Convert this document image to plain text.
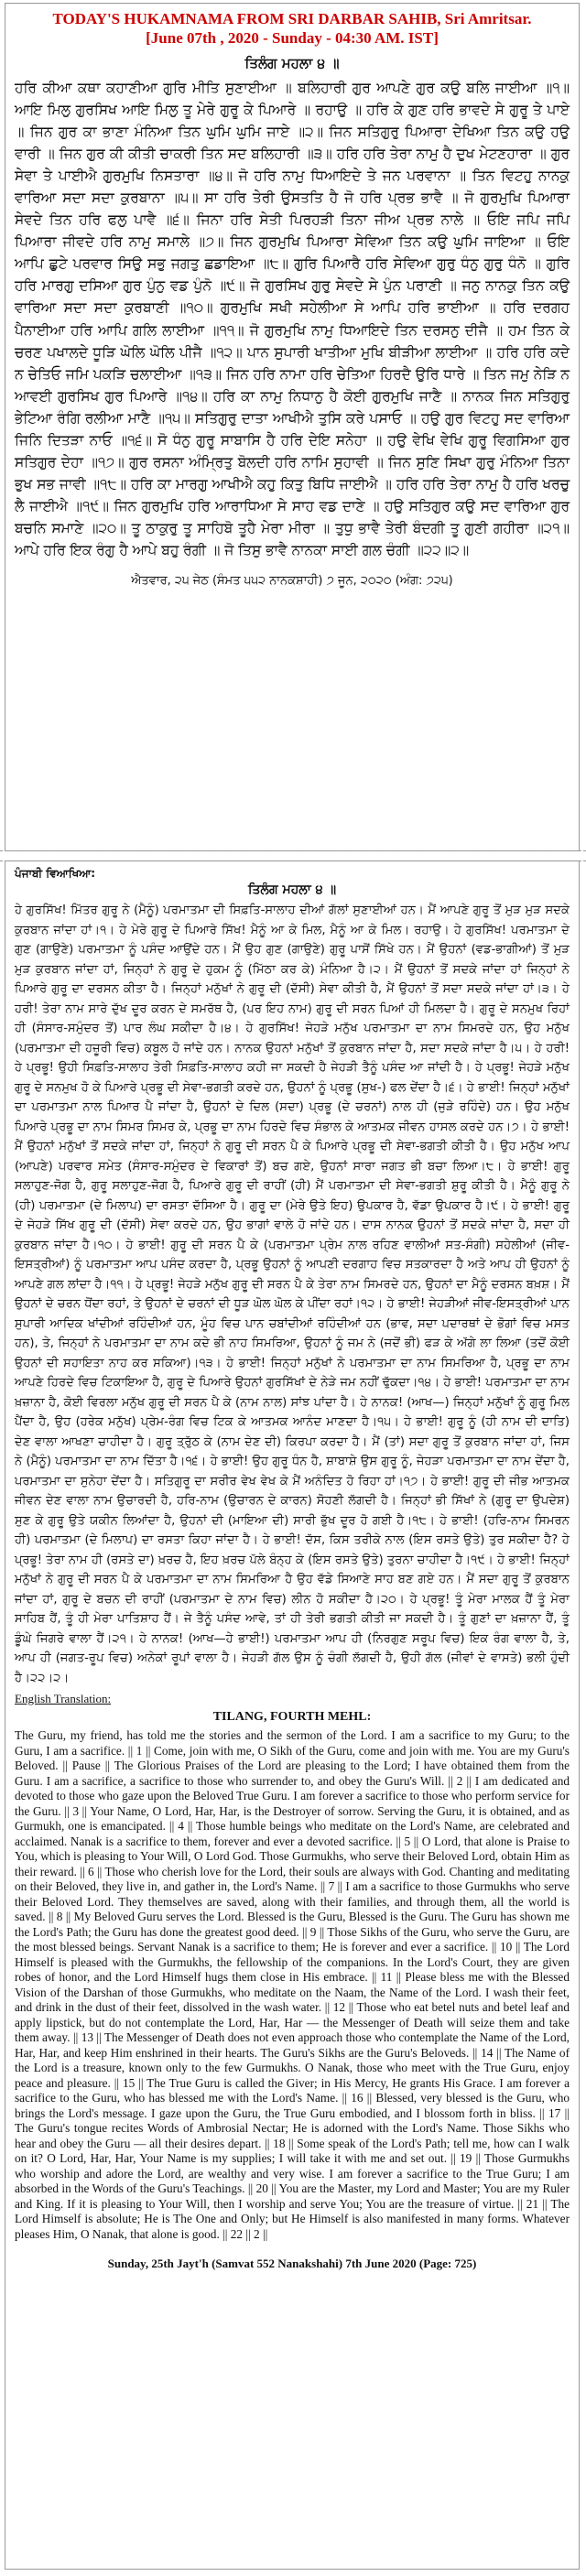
TODAY'S HUKAMNAMA FROM SRI DARBAR SAHIB, Sri Amritsar.
[June 07th , 2020 - Sunday - 04:30 AM. IST]
ਤਿਲੰਗ ਮਹਲਾ ੪ ॥
ਹਰਿ ਕੀਆ ਕਥਾ ਕਹਾਣੀਆ ਗੁਰਿ ਮੀਤਿ ਸੁਣਾਈਆ ॥ ਬਲਿਹਾਰੀ ਗੁਰ ਆਪਣੇ ਗੁਰ ਕਉ ਬਲਿ ਜਾਈਆ ॥੧॥ ਆਇ ਮਿਲੁ ਗੁਰਸਿਖ ਆਇ ਮਿਲੁ ਤੂ ਮੇਰੇ ਗੁਰੂ ਕੇ ਪਿਆਰੇ ॥ ਰਹਾਉ ॥ ਹਰਿ ਕੇ ਗੁਣ ਹਰਿ ਭਾਵਦੇ ਸੇ ਗੁਰੂ ਤੇ ਪਾਏ ॥ ਜਿਨ ਗੁਰ ਕਾ ਭਾਣਾ ਮੰਨਿਆ ਤਿਨ ਘੁਮਿ ਘੁਮਿ ਜਾਏ ॥੨॥ ਜਿਨ ਸਤਿਗੁਰੁ ਪਿਆਰਾ ਦੇਖਿਆ ਤਿਨ ਕਉ ਹਉ ਵਾਰੀ ॥ ਜਿਨ ਗੁਰ ਕੀ ਕੀਤੀ ਚਾਕਰੀ ਤਿਨ ਸਦ ਬਲਿਹਾਰੀ ॥੩॥ ਹਰਿ ਹਰਿ ਤੇਰਾ ਨਾਮੁ ਹੈ ਦੁਖ ਮੇਟਣਹਾਰਾ ॥ ਗੁਰ ਸੇਵਾ ਤੇ ਪਾਈਐ ਗੁਰਮੁਖਿ ਨਿਸਤਾਰਾ ॥੪॥ ਜੋ ਹਰਿ ਨਾਮੁ ਧਿਆਇਦੇ ਤੇ ਜਨ ਪਰਵਾਨਾ ॥ ਤਿਨ ਵਿਟਹੁ ਨਾਨਕੁ ਵਾਰਿਆ ਸਦਾ ਸਦਾ ਕੁਰਬਾਨਾ ॥੫॥ ਸਾ ਹਰਿ ਤੇਰੀ ਉਸਤਤਿ ਹੈ ਜੋ ਹਰਿ ਪ੍ਰਭ ਭਾਵੈ ॥ ਜੋ ਗੁਰਮੁਖਿ ਪਿਆਰਾ ਸੇਵਦੇ ਤਿਨ ਹਰਿ ਫਲੁ ਪਾਵੈ ॥੬॥ ਜਿਨਾ ਹਰਿ ਸੇਤੀ ਪਿਰਹੜੀ ਤਿਨਾ ਜੀਅ ਪ੍ਰਭ ਨਾਲੇ ॥ ਓਇ ਜਪਿ ਜਪਿ ਪਿਆਰਾ ਜੀਵਦੇ ਹਰਿ ਨਾਮੁ ਸਮਾਲੇ ॥੭॥ ਜਿਨ ਗੁਰਮੁਖਿ ਪਿਆਰਾ ਸੇਵਿਆ ਤਿਨ ਕਉ ਘੁਮਿ ਜਾਇਆ ॥ ਓਇ ਆਪਿ ਛੁਟੇ ਪਰਵਾਰ ਸਿਉ ਸਭੁ ਜਗਤੁ ਛਡਾਇਆ ॥੮॥ ਗੁਰਿ ਪਿਆਰੈ ਹਰਿ ਸੇਵਿਆ ਗੁਰੁ ਧੰਨੁ ਗੁਰੁ ਧੰਨੋ ॥ ਗੁਰਿ ਹਰਿ ਮਾਰਗੁ ਦਸਿਆ ਗੁਰ ਪੁੰਨੁ ਵਡ ਪੁੰਨੋ ॥੯॥ ਜੋ ਗੁਰਸਿਖ ਗੁਰੁ ਸੇਵਦੇ ਸੇ ਪੁੰਨ ਪਰਾਣੀ ॥ ਜਨੁ ਨਾਨਕੁ ਤਿਨ ਕਉ ਵਾਰਿਆ ਸਦਾ ਸਦਾ ਕੁਰਬਾਣੀ ॥੧੦॥ ਗੁਰਮੁਖਿ ਸਖੀ ਸਹੇਲੀਆ ਸੇ ਆਪਿ ਹਰਿ ਭਾਈਆ ॥ ਹਰਿ ਦਰਗਹ ਪੈਨਾਈਆ ਹਰਿ ਆਪਿ ਗਲਿ ਲਾਈਆ ॥੧੧॥ ਜੋ ਗੁਰਮੁਖਿ ਨਾਮੁ ਧਿਆਇਦੇ ਤਿਨ ਦਰਸਨੁ ਦੀਜੈ ॥ ਹਮ ਤਿਨ ਕੇ ਚਰਣ ਪਖਾਲਦੇ ਧੂੜਿ ਘੋਲਿ ਘੋਲਿ ਪੀਜੈ ॥੧੨॥ ਪਾਨ ਸੁਪਾਰੀ ਖਾਤੀਆ ਮੁਖਿ ਬੀੜੀਆ ਲਾਈਆ ॥ ਹਰਿ ਹਰਿ ਕਦੇ ਨ ਚੇਤਿਓ ਜਮਿ ਪਕੜਿ ਚਲਾਈਆ ॥੧੩॥ ਜਿਨ ਹਰਿ ਨਾਮਾ ਹਰਿ ਚੇਤਿਆ ਹਿਰਦੈ ਉਰਿ ਧਾਰੇ ॥ ਤਿਨ ਜਮੁ ਨੇੜਿ ਨ ਆਵਈ ਗੁਰਸਿਖ ਗੁਰ ਪਿਆਰੇ ॥੧੪॥ ਹਰਿ ਕਾ ਨਾਮੁ ਨਿਧਾਨੁ ਹੈ ਕੋਈ ਗੁਰਮੁਖਿ ਜਾਣੈ ॥ ਨਾਨਕ ਜਿਨ ਸਤਿਗੁਰੁ ਭੇਟਿਆ ਰੰਗਿ ਰਲੀਆ ਮਾਣੈ ॥੧੫॥ ਸਤਿਗੁਰੁ ਦਾਤਾ ਆਖੀਐ ਤੁਸਿ ਕਰੇ ਪਸਾਓ ॥ ਹਉ ਗੁਰ ਵਿਟਹੁ ਸਦ ਵਾਰਿਆ ਜਿਨਿ ਦਿਤੜਾ ਨਾਓ ॥੧੬॥ ਸੋ ਧੰਨੁ ਗੁਰੂ ਸਾਬਾਸਿ ਹੈ ਹਰਿ ਦੇਇ ਸਨੇਹਾ ॥ ਹਉ ਵੇਖਿ ਵੇਖਿ ਗੁਰੂ ਵਿਗਸਿਆ ਗੁਰ ਸਤਿਗੁਰ ਦੇਹਾ ॥੧੭॥ ਗੁਰ ਰਸਨਾ ਅੰਮ੍ਰਿਤੁ ਬੋਲਦੀ ਹਰਿ ਨਾਮਿ ਸੁਹਾਵੀ ॥ ਜਿਨ ਸੁਣਿ ਸਿਖਾ ਗੁਰੁ ਮੰਨਿਆ ਤਿਨਾ ਭੁਖ ਸਭ ਜਾਵੀ ॥੧੮॥ ਹਰਿ ਕਾ ਮਾਰਗੁ ਆਖੀਐ ਕਹੁ ਕਿਤੁ ਬਿਧਿ ਜਾਈਐ ॥ ਹਰਿ ਹਰਿ ਤੇਰਾ ਨਾਮੁ ਹੈ ਹਰਿ ਖਰਚੁ ਲੈ ਜਾਈਐ ॥੧੯॥ ਜਿਨ ਗੁਰਮੁਖਿ ਹਰਿ ਆਰਾਧਿਆ ਸੇ ਸਾਹ ਵਡ ਦਾਣੇ ॥ ਹਉ ਸਤਿਗੁਰ ਕਉ ਸਦ ਵਾਰਿਆ ਗੁਰ ਬਚਨਿ ਸਮਾਣੇ ॥੨੦॥ ਤੂ ਠਾਕੁਰੁ ਤੂ ਸਾਹਿਬੋ ਤੂਹੈ ਮੇਰਾ ਮੀਰਾ ॥ ਤੁਧੁ ਭਾਵੈ ਤੇਰੀ ਬੰਦਗੀ ਤੂ ਗੁਣੀ ਗਹੀਰਾ ॥੨੧॥ ਆਪੇ ਹਰਿ ਇਕ ਰੰਗੁ ਹੈ ਆਪੇ ਬਹੁ ਰੰਗੀ ॥ ਜੋ ਤਿਸੁ ਭਾਵੈ ਨਾਨਕਾ ਸਾਈ ਗਲ ਚੰਗੀ ॥੨੨॥੨॥
ਐਤਵਾਰ, ੨੫ ਜੇਠ (ਸੰਮਤ ੫੫੨ ਨਾਨਕਸ਼ਾਹੀ) ੭ ਜੂਨ, ੨੦੨੦ (ਅੰਗ: ੭੨੫)
ਪੰਜਾਬੀ ਵਿਆਖਿਆ:
ਤਿਲੰਗ ਮਹਲਾ ੪ ॥
ਹੇ ਗੁਰਸਿੱਖ! ਮਿੱਤਰ ਗੁਰੂ ਨੇ (ਮੈਨੂੰ) ਪਰਮਾਤਮਾ ਦੀ ਸਿਫ਼ਤਿ-ਸਾਲਾਹ ਦੀਆਂ ਗੱਲਾਂ ਸੁਣਾਈਆਂ ਹਨ। ਮੈਂ ਆਪਣੇ ਗੁਰੂ ਤੋਂ ਮੁੜ ਮੁੜ ਸਦਕੇ ਕੁਰਬਾਨ ਜਾਂਦਾ ਹਾਂ।੧। ਹੇ ਮੇਰੇ ਗੁਰੂ ਦੇ ਪਿਆਰੇ ਸਿੱਖ! ਮੈਨੂੰ ਆ ਕੇ ਮਿਲ, ਮੈਨੂੰ ਆ ਕੇ ਮਿਲ। ਰਹਾਉ। ਹੇ ਗੁਰਸਿੱਖ! ਪਰਮਾਤਮਾ ਦੇ ਗੁਣ (ਗਾਉਣੇ) ਪਰਮਾਤਮਾ ਨੂੰ ਪਸੰਦ ਆਉਂਦੇ ਹਨ। ਮੈਂ ਉਹ ਗੁਣ (ਗਾਉਣੇ) ਗੁਰੂ ਪਾਸੋਂ ਸਿੱਖੇ ਹਨ। ਮੈਂ ਉਹਨਾਂ (ਵਡ-ਭਾਗੀਆਂ) ਤੋਂ ਮੁੜ ਮੁੜ ਕੁਰਬਾਨ ਜਾਂਦਾ ਹਾਂ, ਜਿਨ੍ਹਾਂ ਨੇ ਗੁਰੂ ਦੇ ਹੁਕਮ ਨੂੰ (ਮਿੱਠਾ ਕਰ ਕੇ) ਮੰਨਿਆ ਹੈ।੨। ਮੈਂ ਉਹਨਾਂ ਤੋਂ ਸਦਕੇ ਜਾਂਦਾ ਹਾਂ ਜਿਨ੍ਹਾਂ ਨੇ ਪਿਆਰੇ ਗੁਰੂ ਦਾ ਦਰਸਨ ਕੀਤਾ ਹੈ। ਜਿਨ੍ਹਾਂ ਮਨੁੱਖਾਂ ਨੇ ਗੁਰੂ ਦੀ (ਦੱਸੀ) ਸੇਵਾ ਕੀਤੀ ਹੈ, ਮੈਂ ਉਹਨਾਂ ਤੋਂ ਸਦਾ ਸਦਕੇ ਜਾਂਦਾ ਹਾਂ।੩। ਹੇ ਹਰੀ! ਤੇਰਾ ਨਾਮ ਸਾਰੇ ਦੁੱਖ ਦੂਰ ਕਰਨ ਦੇ ਸਮਰੱਥ ਹੈ, (ਪਰ ਇਹ ਨਾਮ) ਗੁਰੂ ਦੀ ਸਰਨ ਪਿਆਂ ਹੀ ਮਿਲਦਾ ਹੈ। ਗੁਰੂ ਦੇ ਸਨਮੁਖ ਰਿਹਾਂ ਹੀ (ਸੰਸਾਰ-ਸਮੁੰਦਰ ਤੋਂ) ਪਾਰ ਲੰਘ ਸਕੀਦਾ ਹੈ।੪। ਹੇ ਗੁਰਸਿੱਖ! ਜੇਹੜੇ ਮਨੁੱਖ ਪਰਮਾਤਮਾ ਦਾ ਨਾਮ ਸਿਮਰਦੇ ਹਨ, ਉਹ ਮਨੁੱਖ (ਪਰਮਾਤਮਾ ਦੀ ਹਜ਼ੂਰੀ ਵਿਚ) ਕਬੂਲ ਹੋ ਜਾਂਦੇ ਹਨ। ਨਾਨਕ ਉਹਨਾਂ ਮਨੁੱਖਾਂ ਤੋਂ ਕੁਰਬਾਨ ਜਾਂਦਾ ਹੈ, ਸਦਾ ਸਦਕੇ ਜਾਂਦਾ ਹੈ।੫। ਹੇ ਹਰੀ! ਹੇ ਪ੍ਰਭੂ! ਉਹੀ ਸਿਫ਼ਤਿ-ਸਾਲਾਹ ਤੇਰੀ ਸਿਫ਼ਤਿ-ਸਾਲਾਹ ਕਹੀ ਜਾ ਸਕਦੀ ਹੈ ਜੇਹੜੀ ਤੈਨੂੰ ਪਸੰਦ ਆ ਜਾਂਦੀ ਹੈ। ਹੇ ਪ੍ਰਭੂ! ਜੇਹੜੇ ਮਨੁੱਖ ਗੁਰੂ ਦੇ ਸਨਮੁਖ ਹੋ ਕੇ ਪਿਆਰੇ ਪ੍ਰਭੂ ਦੀ ਸੇਵਾ-ਭਗਤੀ ਕਰਦੇ ਹਨ, ਉਹਨਾਂ ਨੂੰ ਪ੍ਰਭੂ (ਸੁਖ-) ਫਲ ਦੇਂਦਾ ਹੈ।੬। ਹੇ ਭਾਈ! ਜਿਨ੍ਹਾਂ ਮਨੁੱਖਾਂ ਦਾ ਪਰਮਾਤਮਾ ਨਾਲ ਪਿਆਰ ਪੈ ਜਾਂਦਾ ਹੈ, ਉਹਨਾਂ ਦੇ ਦਿਲ (ਸਦਾ) ਪ੍ਰਭੂ (ਦੇ ਚਰਨਾਂ) ਨਾਲ ਹੀ (ਜੁੜੇ ਰਹਿੰਦੇ) ਹਨ। ਉਹ ਮਨੁੱਖ ਪਿਆਰੇ ਪ੍ਰਭੂ ਦਾ ਨਾਮ ਸਿਮਰ ਸਿਮਰ ਕੇ, ਪ੍ਰਭੂ ਦਾ ਨਾਮ ਹਿਰਦੇ ਵਿਚ ਸੰਭਾਲ ਕੇ ਆਤਮਕ ਜੀਵਨ ਹਾਸਲ ਕਰਦੇ ਹਨ।੭। ਹੇ ਭਾਈ! ਮੈਂ ਉਹਨਾਂ ਮਨੁੱਖਾਂ ਤੋਂ ਸਦਕੇ ਜਾਂਦਾ ਹਾਂ, ਜਿਨ੍ਹਾਂ ਨੇ ਗੁਰੂ ਦੀ ਸਰਨ ਪੈ ਕੇ ਪਿਆਰੇ ਪ੍ਰਭੂ ਦੀ ਸੇਵਾ-ਭਗਤੀ ਕੀਤੀ ਹੈ। ਉਹ ਮਨੁੱਖ ਆਪ (ਆਪਣੇ) ਪਰਵਾਰ ਸਮੇਤ (ਸੰਸਾਰ-ਸਮੁੰਦਰ ਦੇ ਵਿਕਾਰਾਂ ਤੋਂ) ਬਚ ਗਏ, ਉਹਨਾਂ ਸਾਰਾ ਜਗਤ ਭੀ ਬਚਾ ਲਿਆ।੮। ਹੇ ਭਾਈ! ਗੁਰੂ ਸਲਾਹੁਣ-ਜੋਗ ਹੈ, ਗੁਰੂ ਸਲਾਹੁਣ-ਜੋਗ ਹੈ, ਪਿਆਰੇ ਗੁਰੂ ਦੀ ਰਾਹੀਂ (ਹੀ) ਮੈਂ ਪਰਮਾਤਮਾ ਦੀ ਸੇਵਾ-ਭਗਤੀ ਸ਼ੁਰੂ ਕੀਤੀ ਹੈ। ਮੈਨੂੰ ਗੁਰੂ ਨੇ (ਹੀ) ਪਰਮਾਤਮਾ (ਦੇ ਮਿਲਾਪ) ਦਾ ਰਸਤਾ ਦੱਸਿਆ ਹੈ। ਗੁਰੂ ਦਾ (ਮੇਰੇ ਉਤੇ ਇਹ) ਉਪਕਾਰ ਹੈ, ਵੱਡਾ ਉਪਕਾਰ ਹੈ।੯। ਹੇ ਭਾਈ! ਗੁਰੂ ਦੇ ਜੇਹੜੇ ਸਿੱਖ ਗੁਰੂ ਦੀ (ਦੱਸੀ) ਸੇਵਾ ਕਰਦੇ ਹਨ, ਉਹ ਭਾਗਾਂ ਵਾਲੇ ਹੋ ਜਾਂਦੇ ਹਨ। ਦਾਸ ਨਾਨਕ ਉਹਨਾਂ ਤੋਂ ਸਦਕੇ ਜਾਂਦਾ ਹੈ, ਸਦਾ ਹੀ ਕੁਰਬਾਨ ਜਾਂਦਾ ਹੈ।੧੦। ਹੇ ਭਾਈ! ਗੁਰੂ ਦੀ ਸਰਨ ਪੈ ਕੇ (ਪਰਮਾਤਮਾ ਪ੍ਰੇਮ ਨਾਲ ਰਹਿਣ ਵਾਲੀਆਂ ਸਤ-ਸੰਗੀ) ਸਹੇਲੀਆਂ (ਜੀਵ-ਇਸਤ੍ਰੀਆਂ) ਨੂੰ ਪਰਮਾਤਮਾ ਆਪ ਪਸੰਦ ਕਰਦਾ ਹੈ, ਪ੍ਰਭੂ ਉਹਨਾਂ ਨੂੰ ਆਪਣੀ ਦਰਗਾਹ ਵਿਚ ਸਤਕਾਰਦਾ ਹੈ ਅਤੇ ਆਪ ਹੀ ਉਹਨਾਂ ਨੂੰ ਆਪਣੇ ਗਲ ਲਾਂਦਾ ਹੈ।੧੧। ਹੇ ਪ੍ਰਭੂ! ਜੇਹੜੇ ਮਨੁੱਖ ਗੁਰੂ ਦੀ ਸਰਨ ਪੈ ਕੇ ਤੇਰਾ ਨਾਮ ਸਿਮਰਦੇ ਹਨ, ਉਹਨਾਂ ਦਾ ਮੈਨੂੰ ਦਰਸਨ ਬਖ਼ਸ਼। ਮੈਂ ਉਹਨਾਂ ਦੇ ਚਰਨ ਧੋਂਦਾ ਰਹਾਂ, ਤੇ ਉਹਨਾਂ ਦੇ ਚਰਨਾਂ ਦੀ ਧੂੜ ਘੋਲ ਘੋਲ ਕੇ ਪੀਂਦਾ ਰਹਾਂ।੧੨। ਹੇ ਭਾਈ! ਜੇਹੜੀਆਂ ਜੀਵ-ਇਸਤ੍ਰੀਆਂ ਪਾਨ ਸੁਪਾਰੀ ਆਦਿਕ ਖਾਂਦੀਆਂ ਰਹਿੰਦੀਆਂ ਹਨ, ਮੂੰਹ ਵਿਚ ਪਾਨ ਚਬਾਂਦੀਆਂ ਰਹਿੰਦੀਆਂ ਹਨ (ਭਾਵ, ਸਦਾ ਪਦਾਰਥਾਂ ਦੇ ਭੋਗਾਂ ਵਿਚ ਮਸਤ ਹਨ), ਤੇ, ਜਿਨ੍ਹਾਂ ਨੇ ਪਰਮਾਤਮਾ ਦਾ ਨਾਮ ਕਦੇ ਭੀ ਨਾਹ ਸਿਮਰਿਆ, ਉਹਨਾਂ ਨੂੰ ਜਮ ਨੇ (ਜਦੋਂ ਭੀ) ਫੜ ਕੇ ਅੱਗੇ ਲਾ ਲਿਆ (ਤਦੋਂ ਕੋਈ ਉਹਨਾਂ ਦੀ ਸਹਾਇਤਾ ਨਾਹ ਕਰ ਸਕਿਆ)।੧੩। ਹੇ ਭਾਈ! ਜਿਨ੍ਹਾਂ ਮਨੁੱਖਾਂ ਨੇ ਪਰਮਾਤਮਾ ਦਾ ਨਾਮ ਸਿਮਰਿਆ ਹੈ, ਪ੍ਰਭੂ ਦਾ ਨਾਮ ਆਪਣੇ ਹਿਰਦੇ ਵਿਚ ਟਿਕਾਇਆ ਹੈ, ਗੁਰੂ ਦੇ ਪਿਆਰੇ ਉਹਨਾਂ ਗੁਰਸਿੱਖਾਂ ਦੇ ਨੇੜੇ ਜਮ ਨਹੀਂ ਢੁੱਕਦਾ।੧੪। ਹੇ ਭਾਈ! ਪਰਮਾਤਮਾ ਦਾ ਨਾਮ ਖ਼ਜ਼ਾਨਾ ਹੈ, ਕੋਈ ਵਿਰਲਾ ਮਨੁੱਖ ਗੁਰੂ ਦੀ ਸਰਨ ਪੈ ਕੇ (ਨਾਮ ਨਾਲ) ਸਾਂਝ ਪਾਂਦਾ ਹੈ। ਹੇ ਨਾਨਕ! (ਆਖ—) ਜਿਨ੍ਹਾਂ ਮਨੁੱਖਾਂ ਨੂੰ ਗੁਰੂ ਮਿਲ ਪੈਂਦਾ ਹੈ, ਉਹ (ਹਰੇਕ ਮਨੁੱਖ) ਪ੍ਰੇਮ-ਰੰਗ ਵਿਚ ਟਿਕ ਕੇ ਆਤਮਕ ਆਨੰਦ ਮਾਣਦਾ ਹੈ।੧੫। ਹੇ ਭਾਈ! ਗੁਰੂ ਨੂੰ (ਹੀ ਨਾਮ ਦੀ ਦਾਤਿ) ਦੇਣ ਵਾਲਾ ਆਖਣਾ ਚਾਹੀਦਾ ਹੈ। ਗੁਰੂ ਤ੍ਰੁੱਠ ਕੇ (ਨਾਮ ਦੇਣ ਦੀ) ਕਿਰਪਾ ਕਰਦਾ ਹੈ। ਮੈਂ (ਤਾਂ) ਸਦਾ ਗੁਰੂ ਤੋਂ ਕੁਰਬਾਨ ਜਾਂਦਾ ਹਾਂ, ਜਿਸ ਨੇ (ਮੈਨੂੰ) ਪਰਮਾਤਮਾ ਦਾ ਨਾਮ ਦਿੱਤਾ ਹੈ।੧੬। ਹੇ ਭਾਈ! ਉਹ ਗੁਰੂ ਧੰਨ ਹੈ, ਸ਼ਾਬਾਸ਼ੇ ਉਸ ਗੁਰੂ ਨੂੰ, ਜੇਹੜਾ ਪਰਮਾਤਮਾ ਦਾ ਨਾਮ ਦੇਂਦਾ ਹੈ, ਪਰਮਾਤਮਾ ਦਾ ਸੁਨੇਹਾ ਦੇਂਦਾ ਹੈ। ਸਤਿਗੁਰੂ ਦਾ ਸਰੀਰ ਵੇਖ ਵੇਖ ਕੇ ਮੈਂ ਅਨੰਦਿਤ ਹੋ ਰਿਹਾ ਹਾਂ।੧੭। ਹੇ ਭਾਈ! ਗੁਰੂ ਦੀ ਜੀਭ ਆਤਮਕ ਜੀਵਨ ਦੇਣ ਵਾਲਾ ਨਾਮ ਉਚਾਰਦੀ ਹੈ, ਹਰਿ-ਨਾਮ (ਉਚਾਰਨ ਦੇ ਕਾਰਨ) ਸੋਹਣੀ ਲੱਗਦੀ ਹੈ। ਜਿਨ੍ਹਾਂ ਭੀ ਸਿੱਖਾਂ ਨੇ (ਗੁਰੂ ਦਾ ਉਪਦੇਸ਼) ਸੁਣ ਕੇ ਗੁਰੂ ਉਤੇ ਯਕੀਨ ਲਿਆਂਦਾ ਹੈ, ਉਹਨਾਂ ਦੀ (ਮਾਇਆ ਦੀ) ਸਾਰੀ ਭੁੱਖ ਦੂਰ ਹੋ ਗਈ ਹੈ।੧੮। ਹੇ ਭਾਈ! (ਹਰਿ-ਨਾਮ ਸਿਮਰਨ ਹੀ) ਪਰਮਾਤਮਾ (ਦੇ ਮਿਲਾਪ) ਦਾ ਰਸਤਾ ਕਿਹਾ ਜਾਂਦਾ ਹੈ। ਹੇ ਭਾਈ! ਦੱਸ, ਕਿਸ ਤਰੀਕੇ ਨਾਲ (ਇਸ ਰਸਤੇ ਉਤੇ) ਤੁਰ ਸਕੀਦਾ ਹੈ? ਹੇ ਪ੍ਰਭੂ! ਤੇਰਾ ਨਾਮ ਹੀ (ਰਸਤੇ ਦਾ) ਖ਼ਰਚ ਹੈ, ਇਹ ਖ਼ਰਚ ਪੱਲੇ ਬੰਨ੍ਹ ਕੇ (ਇਸ ਰਸਤੇ ਉਤੇ) ਤੁਰਨਾ ਚਾਹੀਦਾ ਹੈ।੧੯। ਹੇ ਭਾਈ! ਜਿਨ੍ਹਾਂ ਮਨੁੱਖਾਂ ਨੇ ਗੁਰੂ ਦੀ ਸਰਨ ਪੈ ਕੇ ਪਰਮਾਤਮਾ ਦਾ ਨਾਮ ਸਿਮਰਿਆ ਹੈ ਉਹ ਵੱਡੇ ਸਿਆਣੇ ਸਾਹ ਬਣ ਗਏ ਹਨ। ਮੈਂ ਸਦਾ ਗੁਰੂ ਤੋਂ ਕੁਰਬਾਨ ਜਾਂਦਾ ਹਾਂ, ਗੁਰੂ ਦੇ ਬਚਨ ਦੀ ਰਾਹੀਂ (ਪਰਮਾਤਮਾ ਦੇ ਨਾਮ ਵਿਚ) ਲੀਨ ਹੋ ਸਕੀਦਾ ਹੈ।੨੦। ਹੇ ਪ੍ਰਭੂ! ਤੂੰ ਮੇਰਾ ਮਾਲਕ ਹੈਂ ਤੂੰ ਮੇਰਾ ਸਾਹਿਬ ਹੈਂ, ਤੂੰ ਹੀ ਮੇਰਾ ਪਾਤਿਸ਼ਾਹ ਹੈਂ। ਜੇ ਤੈਨੂੰ ਪਸੰਦ ਆਵੇ, ਤਾਂ ਹੀ ਤੇਰੀ ਭਗਤੀ ਕੀਤੀ ਜਾ ਸਕਦੀ ਹੈ। ਤੂੰ ਗੁਣਾਂ ਦਾ ਖ਼ਜ਼ਾਨਾ ਹੈਂ, ਤੂੰ ਡੂੰਘੇ ਜਿਗਰੇ ਵਾਲਾ ਹੈਂ।੨੧। ਹੇ ਨਾਨਕ! (ਆਖ—ਹੇ ਭਾਈ!) ਪਰਮਾਤਮਾ ਆਪ ਹੀ (ਨਿਰਗੁਣ ਸਰੂਪ ਵਿਚ) ਇਕ ਰੰਗ ਵਾਲਾ ਹੈ, ਤੇ, ਆਪ ਹੀ (ਜਗਤ-ਰੂਪ ਵਿਚ) ਅਨੇਕਾਂ ਰੂਪਾਂ ਵਾਲਾ ਹੈ। ਜੇਹੜੀ ਗੱਲ ਉਸ ਨੂੰ ਚੰਗੀ ਲੱਗਦੀ ਹੈ, ਉਹੀ ਗੱਲ (ਜੀਵਾਂ ਦੇ ਵਾਸਤੇ) ਭਲੀ ਹੁੰਦੀ ਹੈ।੨੨।੨।
English Translation:
TILANG, FOURTH MEHL:
The Guru, my friend, has told me the stories and the sermon of the Lord. I am a sacrifice to my Guru; to the Guru, I am a sacrifice. || 1 || Come, join with me, O Sikh of the Guru, come and join with me. You are my Guru's Beloved. || Pause || The Glorious Praises of the Lord are pleasing to the Lord; I have obtained them from the Guru. I am a sacrifice, a sacrifice to those who surrender to, and obey the Guru's Will. || 2 || I am dedicated and devoted to those who gaze upon the Beloved True Guru. I am forever a sacrifice to those who perform service for the Guru. || 3 || Your Name, O Lord, Har, Har, is the Destroyer of sorrow. Serving the Guru, it is obtained, and as Gurmukh, one is emancipated. || 4 || Those humble beings who meditate on the Lord's Name, are celebrated and acclaimed. Nanak is a sacrifice to them, forever and ever a devoted sacrifice. || 5 || O Lord, that alone is Praise to You, which is pleasing to Your Will, O Lord God. Those Gurmukhs, who serve their Beloved Lord, obtain Him as their reward. || 6 || Those who cherish love for the Lord, their souls are always with God. Chanting and meditating on their Beloved, they live in, and gather in, the Lord's Name. || 7 || I am a sacrifice to those Gurmukhs who serve their Beloved Lord. They themselves are saved, along with their families, and through them, all the world is saved. || 8 || My Beloved Guru serves the Lord. Blessed is the Guru, Blessed is the Guru. The Guru has shown me the Lord's Path; the Guru has done the greatest good deed. || 9 || Those Sikhs of the Guru, who serve the Guru, are the most blessed beings. Servant Nanak is a sacrifice to them; He is forever and ever a sacrifice. || 10 || The Lord Himself is pleased with the Gurmukhs, the fellowship of the companions. In the Lord's Court, they are given robes of honor, and the Lord Himself hugs them close in His embrace. || 11 || Please bless me with the Blessed Vision of the Darshan of those Gurmukhs, who meditate on the Naam, the Name of the Lord. I wash their feet, and drink in the dust of their feet, dissolved in the wash water. || 12 || Those who eat betel nuts and betel leaf and apply lipstick, but do not contemplate the Lord, Har, Har — the Messenger of Death will seize them and take them away. || 13 || The Messenger of Death does not even approach those who contemplate the Name of the Lord, Har, Har, and keep Him enshrined in their hearts. The Guru's Sikhs are the Guru's Beloveds. || 14 || The Name of the Lord is a treasure, known only to the few Gurmukhs. O Nanak, those who meet with the True Guru, enjoy peace and pleasure. || 15 || The True Guru is called the Giver; in His Mercy, He grants His Grace. I am forever a sacrifice to the Guru, who has blessed me with the Lord's Name. || 16 || Blessed, very blessed is the Guru, who brings the Lord's message. I gaze upon the Guru, the True Guru embodied, and I blossom forth in bliss. || 17 || The Guru's tongue recites Words of Ambrosial Nectar; He is adorned with the Lord's Name. Those Sikhs who hear and obey the Guru — all their desires depart. || 18 || Some speak of the Lord's Path; tell me, how can I walk on it? O Lord, Har, Har, Your Name is my supplies; I will take it with me and set out. || 19 || Those Gurmukhs who worship and adore the Lord, are wealthy and very wise. I am forever a sacrifice to the True Guru; I am absorbed in the Words of the Guru's Teachings. || 20 || You are the Master, my Lord and Master; You are my Ruler and King. If it is pleasing to Your Will, then I worship and serve You; You are the treasure of virtue. || 21 || The Lord Himself is absolute; He is The One and Only; but He Himself is also manifested in many forms. Whatever pleases Him, O Nanak, that alone is good. || 22 || 2 ||
Sunday, 25th Jayt'h (Samvat 552 Nanakshahi) 7th June 2020 (Page: 725)
